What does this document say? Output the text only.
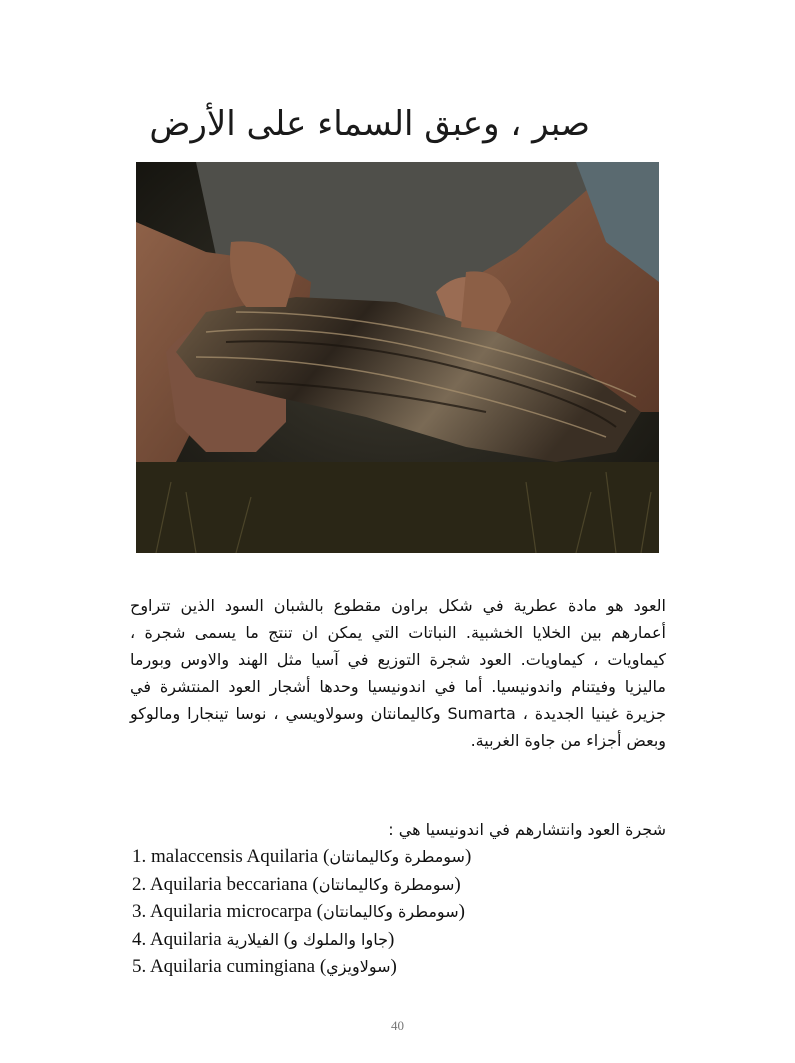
صبر ، وعبق السماء على الأرض

العود هو مادة عطرية في شكل براون مقطوع ‏بالشبان السود الذين تتراوح أعمارهم بين الخلايا الخشبية. النباتات التي يمكن ان تنتج ما يسمى شجرة ، كيماويات ، كيماويات. العود شجرة التوزيع في آسيا مثل الهند والاوس وبورما ماليزيا وفيتنام واندونيسيا. أما في اندونيسيا وحدها أشجار العود المنتشرة في جزيرة غينيا الجديدة ، Sumarta وكاليمانتان وسولاويسي ، نوسا تينجارا ومالوكو وبعض أجزاء من جاوة الغربية.

شجرة العود وانتشارهم في اندونيسيا هي :

1. malaccensis Aquilaria (سومطرة وكاليمانتان)
2. Aquilaria beccariana (سومطرة وكاليمانتان)
3. Aquilaria microcarpa (سومطرة وكاليمانتان)
4. Aquilaria الفيلارية (جاوا والملوك و)
5. Aquilaria cumingiana (سولاويزي)
40
